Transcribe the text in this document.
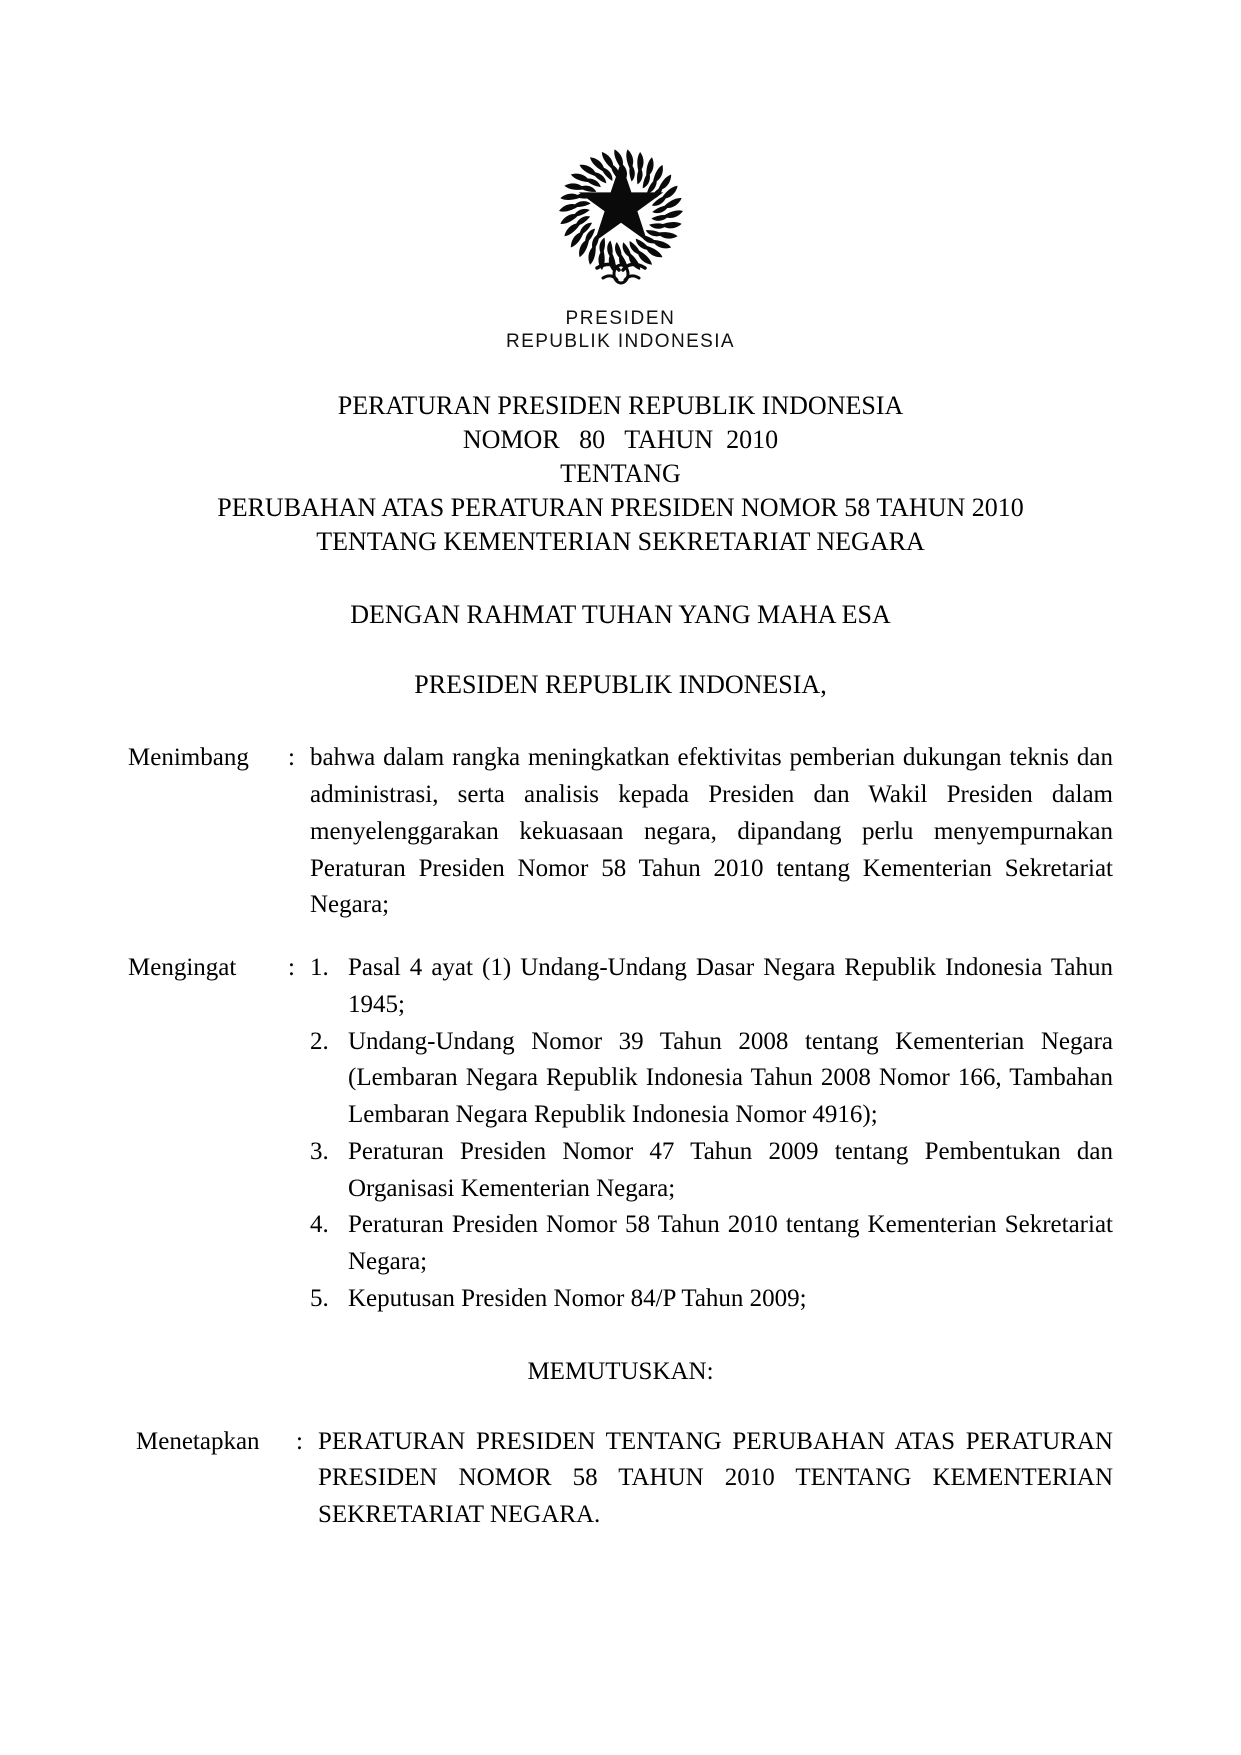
PRESIDEN
REPUBLIK INDONESIA
PERATURAN PRESIDEN REPUBLIK INDONESIA
NOMOR   80   TAHUN  2010
TENTANG
PERUBAHAN ATAS PERATURAN PRESIDEN NOMOR 58 TAHUN 2010
TENTANG KEMENTERIAN SEKRETARIAT NEGARA
DENGAN RAHMAT TUHAN YANG MAHA ESA
PRESIDEN REPUBLIK INDONESIA,
Menimbang	: bahwa dalam rangka meningkatkan efektivitas pemberian dukungan teknis dan administrasi, serta analisis kepada Presiden dan Wakil Presiden dalam menyelenggarakan kekuasaan negara, dipandang perlu menyempurnakan Peraturan Presiden Nomor 58 Tahun 2010 tentang Kementerian Sekretariat Negara;
Mengingat	: 1. Pasal 4 ayat (1) Undang-Undang Dasar Negara Republik Indonesia Tahun 1945;
2. Undang-Undang Nomor 39 Tahun 2008 tentang Kementerian Negara (Lembaran Negara Republik Indonesia Tahun 2008 Nomor 166, Tambahan Lembaran Negara Republik Indonesia Nomor 4916);
3. Peraturan Presiden Nomor 47 Tahun 2009 tentang Pembentukan dan Organisasi Kementerian Negara;
4. Peraturan Presiden Nomor 58 Tahun 2010 tentang Kementerian Sekretariat Negara;
5. Keputusan Presiden Nomor 84/P Tahun 2009;
MEMUTUSKAN:
Menetapkan	: PERATURAN PRESIDEN TENTANG PERUBAHAN ATAS PERATURAN PRESIDEN NOMOR 58 TAHUN 2010 TENTANG KEMENTERIAN SEKRETARIAT NEGARA.
